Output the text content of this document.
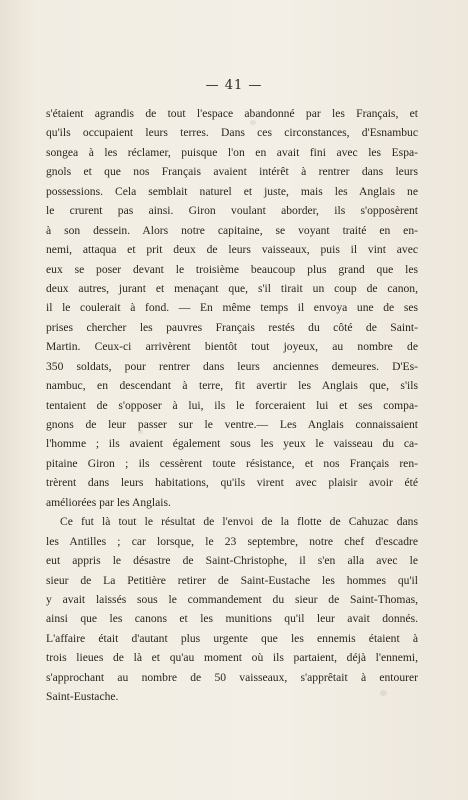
— 41 —
s'étaient agrandis de tout l'espace abandonné par les Français, et
qu'ils occupaient leurs terres. Dans ces circonstances, d'Esnambuc
songea à les réclamer, puisque l'on en avait fini avec les Espa-
gnols et que nos Français avaient intérêt à rentrer dans leurs
possessions. Cela semblait naturel et juste, mais les Anglais ne
le crurent pas ainsi. Giron voulant aborder, ils s'opposèrent
à son dessein. Alors notre capitaine, se voyant traité en en-
nemi, attaqua et prit deux de leurs vaisseaux, puis il vint avec
eux se poser devant le troisième beaucoup plus grand que les
deux autres, jurant et menaçant que, s'il tirait un coup de canon,
il le coulerait à fond. — En même temps il envoya une de ses
prises chercher les pauvres Français restés du côté de Saint-
Martin. Ceux-ci arrivèrent bientôt tout joyeux, au nombre de
350 soldats, pour rentrer dans leurs anciennes demeures. D'Es-
nambuc, en descendant à terre, fit avertir les Anglais que, s'ils
tentaient de s'opposer à lui, ils le forceraient lui et ses compa-
gnons de leur passer sur le ventre.— Les Anglais connaissaient
l'homme ; ils avaient également sous les yeux le vaisseau du ca-
pitaine Giron ; ils cessèrent toute résistance, et nos Français ren-
trèrent dans leurs habitations, qu'ils virent avec plaisir avoir été
améliorées par les Anglais.
Ce fut là tout le résultat de l'envoi de la flotte de Cahuzac dans
les Antilles ; car lorsque, le 23 septembre, notre chef d'escadre
eut appris le désastre de Saint-Christophe, il s'en alla avec le
sieur de La Petitière retirer de Saint-Eustache les hommes qu'il
y avait laissés sous le commandement du sieur de Saint-Thomas,
ainsi que les canons et les munitions qu'il leur avait donnés.
L'affaire était d'autant plus urgente que les ennemis étaient à
trois lieues de là et qu'au moment où ils partaient, déjà l'ennemi,
s'approchant au nombre de 50 vaisseaux, s'apprêtait à entourer
Saint-Eustache.
